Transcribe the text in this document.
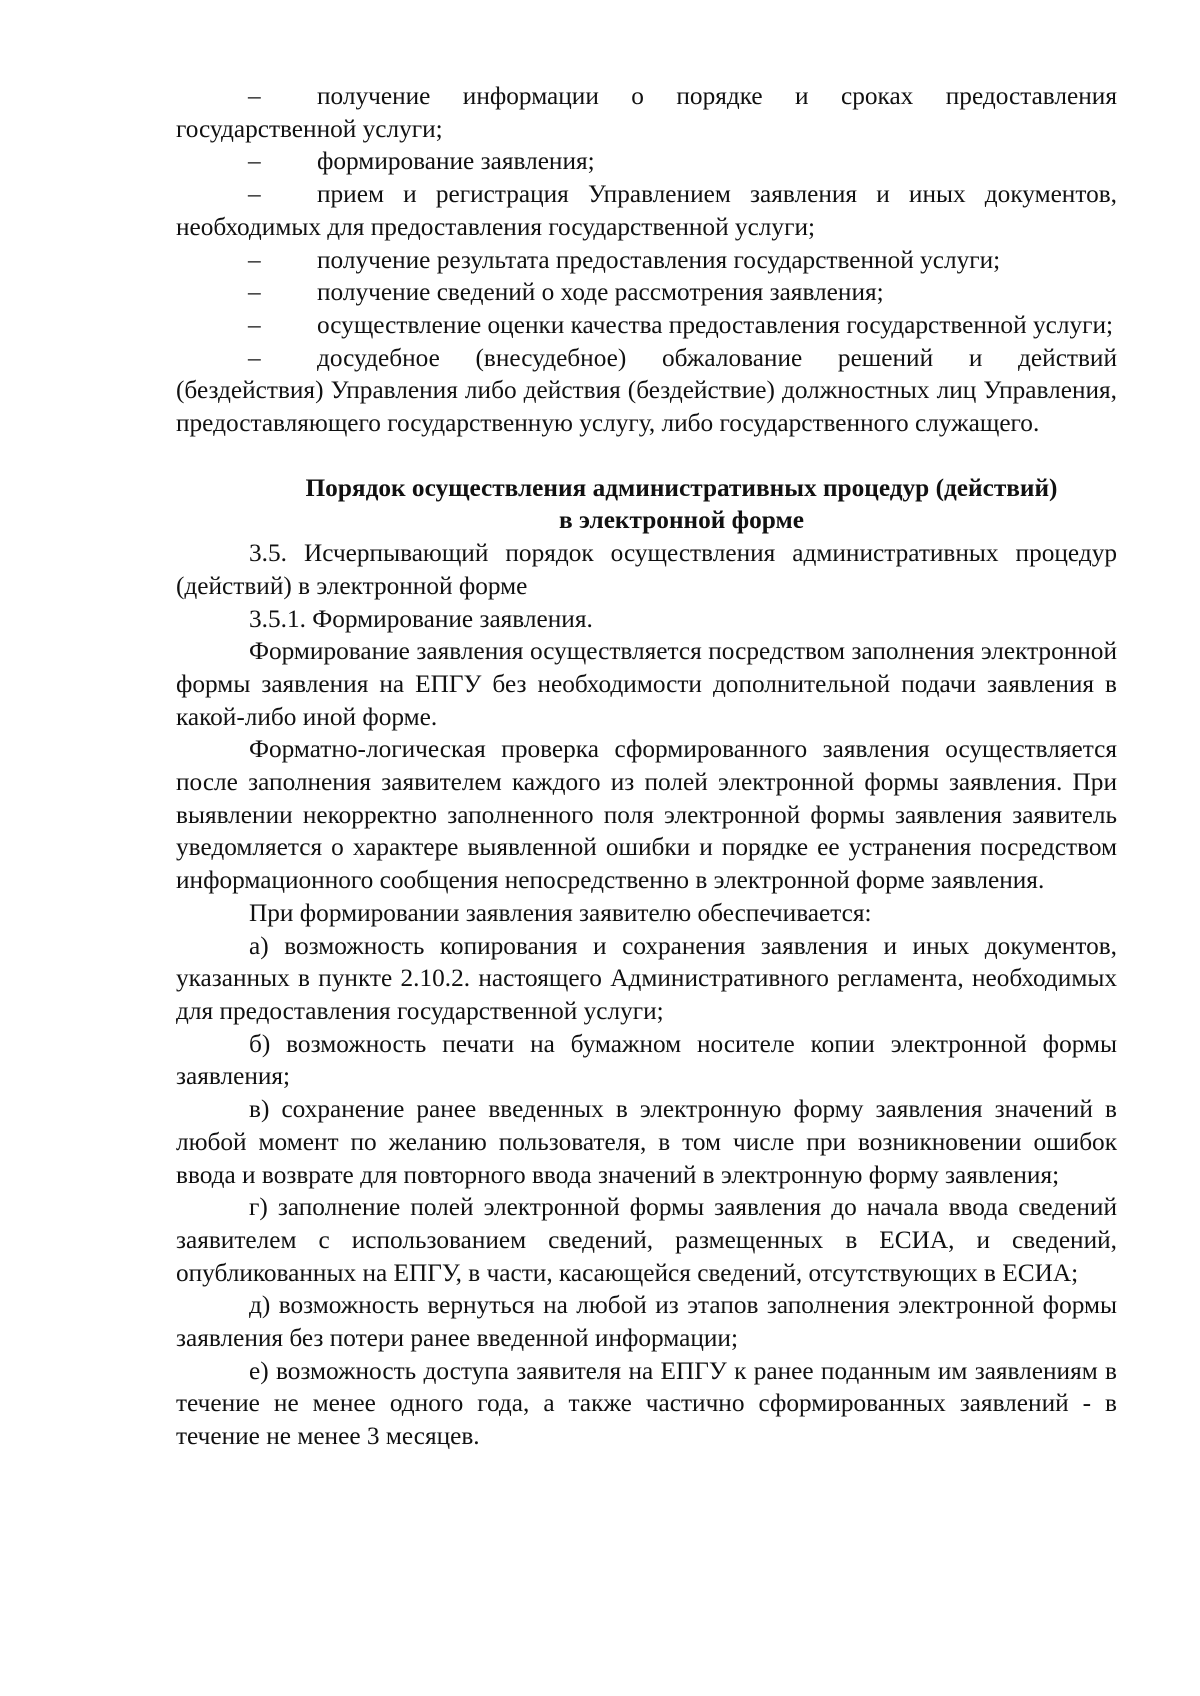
– получение информации о порядке и сроках предоставления государственной услуги;

– формирование заявления;

– прием и регистрация Управлением заявления и иных документов, необходимых для предоставления государственной услуги;

– получение результата предоставления государственной услуги;

– получение сведений о ходе рассмотрения заявления;

– осуществление оценки качества предоставления государственной услуги;

– досудебное (внесудебное) обжалование решений и действий (бездействия) Управления либо действия (бездействие) должностных лиц Управления, предоставляющего государственную услугу, либо государственного служащего.

Порядок осуществления административных процедур (действий)
в электронной форме

3.5. Исчерпывающий порядок осуществления административных процедур (действий) в электронной форме

3.5.1. Формирование заявления.

Формирование заявления осуществляется посредством заполнения электронной формы заявления на ЕПГУ без необходимости дополнительной подачи заявления в какой-либо иной форме.

Форматно-логическая проверка сформированного заявления осуществляется после заполнения заявителем каждого из полей электронной формы заявления. При выявлении некорректно заполненного поля электронной формы заявления заявитель уведомляется о характере выявленной ошибки и порядке ее устранения посредством информационного сообщения непосредственно в электронной форме заявления.

При формировании заявления заявителю обеспечивается:

а) возможность копирования и сохранения заявления и иных документов, указанных в пункте 2.10.2. настоящего Административного регламента, необходимых для предоставления государственной услуги;

б) возможность печати на бумажном носителе копии электронной формы заявления;

в) сохранение ранее введенных в электронную форму заявления значений в любой момент по желанию пользователя, в том числе при возникновении ошибок ввода и возврате для повторного ввода значений в электронную форму заявления;

г) заполнение полей электронной формы заявления до начала ввода сведений заявителем с использованием сведений, размещенных в ЕСИА, и сведений, опубликованных на ЕПГУ, в части, касающейся сведений, отсутствующих в ЕСИА;

д) возможность вернуться на любой из этапов заполнения электронной формы заявления без потери ранее введенной информации;

е) возможность доступа заявителя на ЕПГУ к ранее поданным им заявлениям в течение не менее одного года, а также частично сформированных заявлений - в течение не менее 3 месяцев.
